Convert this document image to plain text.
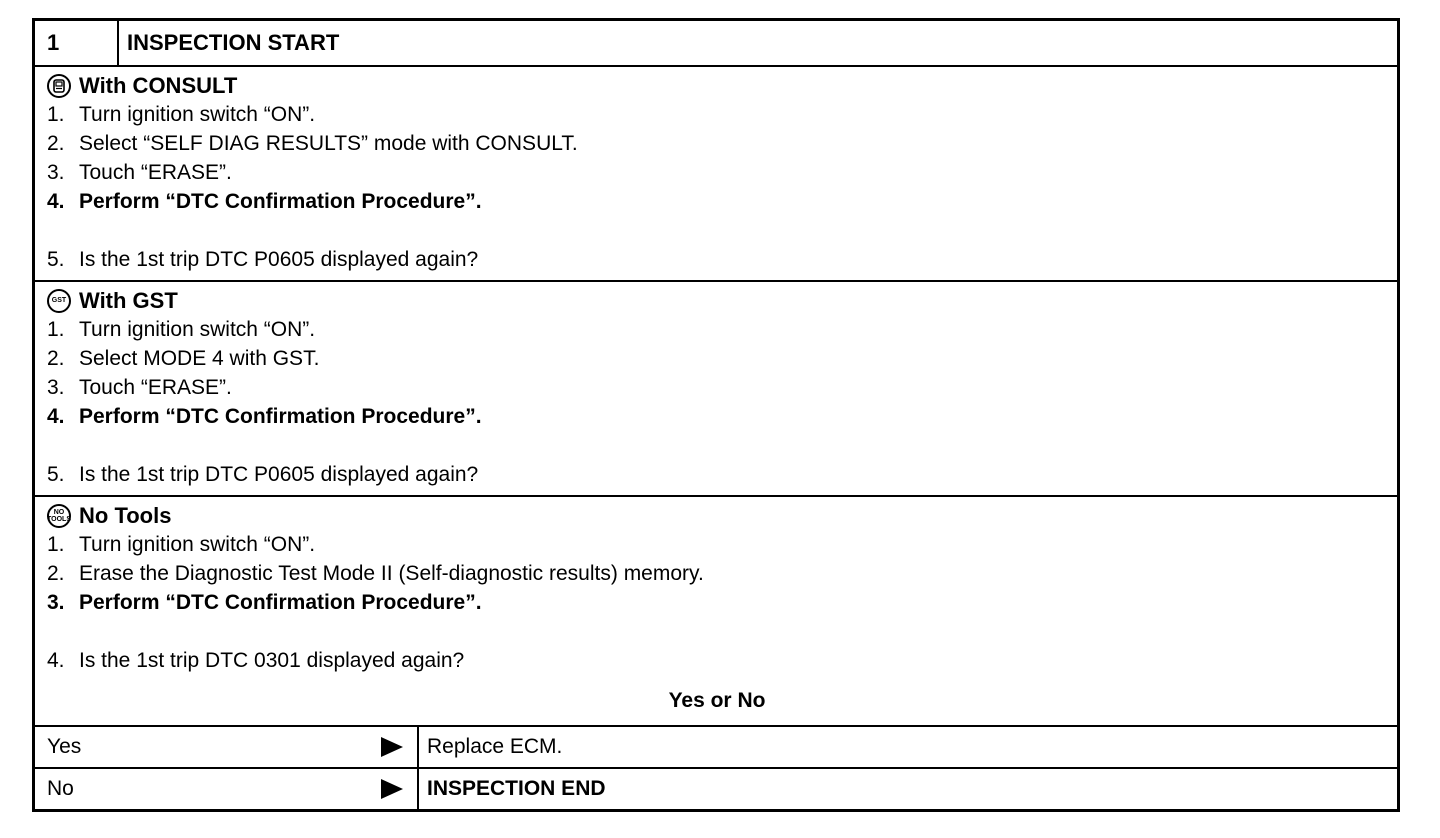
1	INSPECTION START
With CONSULT
1. Turn ignition switch “ON”.
2. Select “SELF DIAG RESULTS” mode with CONSULT.
3. Touch “ERASE”.
4. Perform “DTC Confirmation Procedure”.
5. Is the 1st trip DTC P0605 displayed again?
GST With GST
1. Turn ignition switch “ON”.
2. Select MODE 4 with GST.
3. Touch “ERASE”.
4. Perform “DTC Confirmation Procedure”.
5. Is the 1st trip DTC P0605 displayed again?
NO TOOLS No Tools
1. Turn ignition switch “ON”.
2. Erase the Diagnostic Test Mode II (Self-diagnostic results) memory.
3. Perform “DTC Confirmation Procedure”.
4. Is the 1st trip DTC 0301 displayed again?
Yes or No
Yes	Replace ECM.
No	INSPECTION END
